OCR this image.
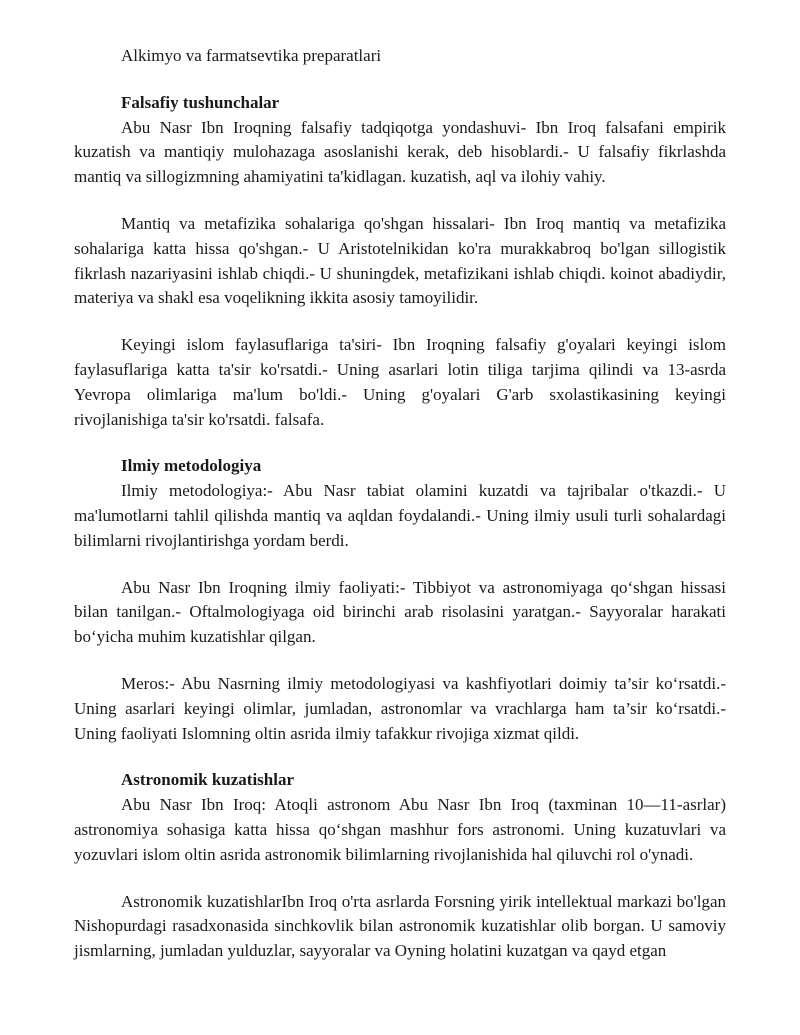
Alkimyo va farmatsevtika preparatlari
Falsafiy tushunchalar

Abu Nasr Ibn Iroqning falsafiy tadqiqotga yondashuvi- Ibn Iroq falsafani empirik kuzatish va mantiqiy mulohazaga asoslanishi kerak, deb hisoblardi.- U falsafiy fikrlashda mantiq va sillogizmning ahamiyatini ta'kidlagan. kuzatish, aql va ilohiy vahiy.

Mantiq va metafizika sohalariga qo'shgan hissalari- Ibn Iroq mantiq va metafizika sohalariga katta hissa qo'shgan.- U Aristotelnikidan ko'ra murakkabroq bo'lgan sillogistik fikrlash nazariyasini ishlab chiqdi.- U shuningdek, metafizikani ishlab chiqdi. koinot abadiydir, materiya va shakl esa voqelikning ikkita asosiy tamoyilidir.

Keyingi islom faylasuflariga ta'siri- Ibn Iroqning falsafiy g'oyalari keyingi islom faylasuflariga katta ta'sir ko'rsatdi.- Uning asarlari lotin tiliga tarjima qilindi va 13-asrda Yevropa olimlariga ma'lum bo'ldi.- Uning g'oyalari G'arb sxolastikasining keyingi rivojlanishiga ta'sir ko'rsatdi. falsafa.

Ilmiy metodologiya

Ilmiy metodologiya:- Abu Nasr tabiat olamini kuzatdi va tajribalar o'tkazdi.- U ma'lumotlarni tahlil qilishda mantiq va aqldan foydalandi.- Uning ilmiy usuli turli sohalardagi bilimlarni rivojlantirishga yordam berdi.

Abu Nasr Ibn Iroqning ilmiy faoliyati:- Tibbiyot va astronomiyaga qo‘shgan hissasi bilan tanilgan.- Oftalmologiyaga oid birinchi arab risolasini yaratgan.- Sayyoralar harakati bo‘yicha muhim kuzatishlar qilgan.

Meros:- Abu Nasrning ilmiy metodologiyasi va kashfiyotlari doimiy ta’sir ko‘rsatdi.- Uning asarlari keyingi olimlar, jumladan, astronomlar va vrachlarga ham ta’sir ko‘rsatdi.- Uning faoliyati Islomning oltin asrida ilmiy tafakkur rivojiga xizmat qildi.

Astronomik kuzatishlar

Abu Nasr Ibn Iroq: Atoqli astronom Abu Nasr Ibn Iroq (taxminan 10—11-asrlar) astronomiya sohasiga katta hissa qo‘shgan mashhur fors astronomi. Uning kuzatuvlari va yozuvlari islom oltin asrida astronomik bilimlarning rivojlanishida hal qiluvchi rol o'ynadi.

Astronomik kuzatishlarIbn Iroq o'rta asrlarda Forsning yirik intellektual markazi bo'lgan Nishopurdagi rasadxonasida sinchkovlik bilan astronomik kuzatishlar olib borgan. U samoviy jismlarning, jumladan yulduzlar, sayyoralar va Oyning holatini kuzatgan va qayd etgan
